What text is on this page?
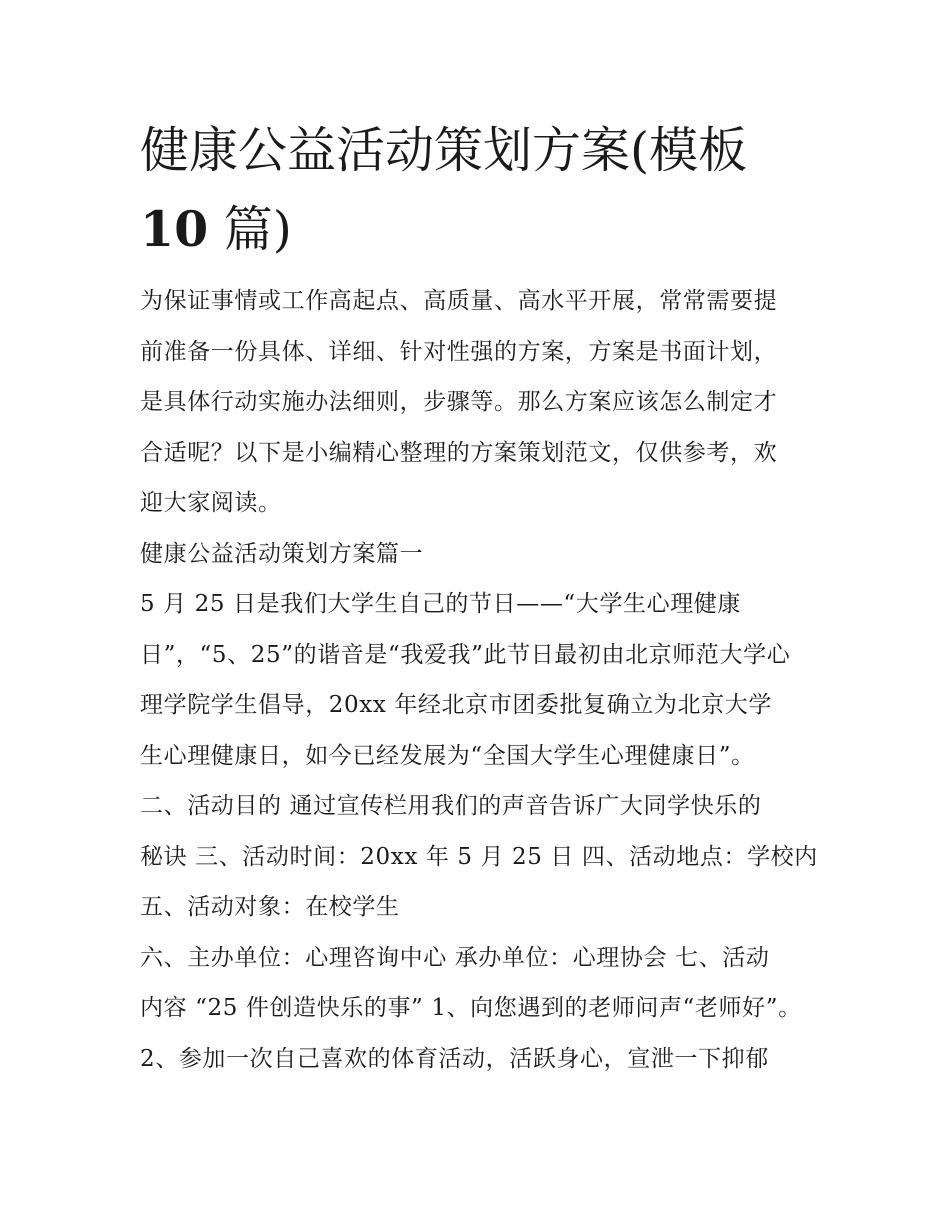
健康公益活动策划方案(模板
10 篇)

为保证事情或工作高起点、高质量、高水平开展，常常需要提
前准备一份具体、详细、针对性强的方案，方案是书面计划，
是具体行动实施办法细则，步骤等。那么方案应该怎么制定才
合适呢？以下是小编精心整理的方案策划范文，仅供参考，欢
迎大家阅读。

健康公益活动策划方案篇一

5 月 25 日是我们大学生自己的节日——“大学生心理健康
日”，“5、25”的谐音是“我爱我”此节日最初由北京师范大学心
理学院学生倡导，20xx 年经北京市团委批复确立为北京大学
生心理健康日，如今已经发展为“全国大学生心理健康日”。

二、活动目的 通过宣传栏用我们的声音告诉广大同学快乐的
秘诀 三、活动时间：20xx 年 5 月 25 日 四、活动地点：学校内
五、活动对象：在校学生

六、主办单位：心理咨询中心 承办单位：心理协会 七、活动
内容 “25 件创造快乐的事” 1、向您遇到的老师问声“老师好”。
2、参加一次自己喜欢的体育活动，活跃身心，宣泄一下抑郁
